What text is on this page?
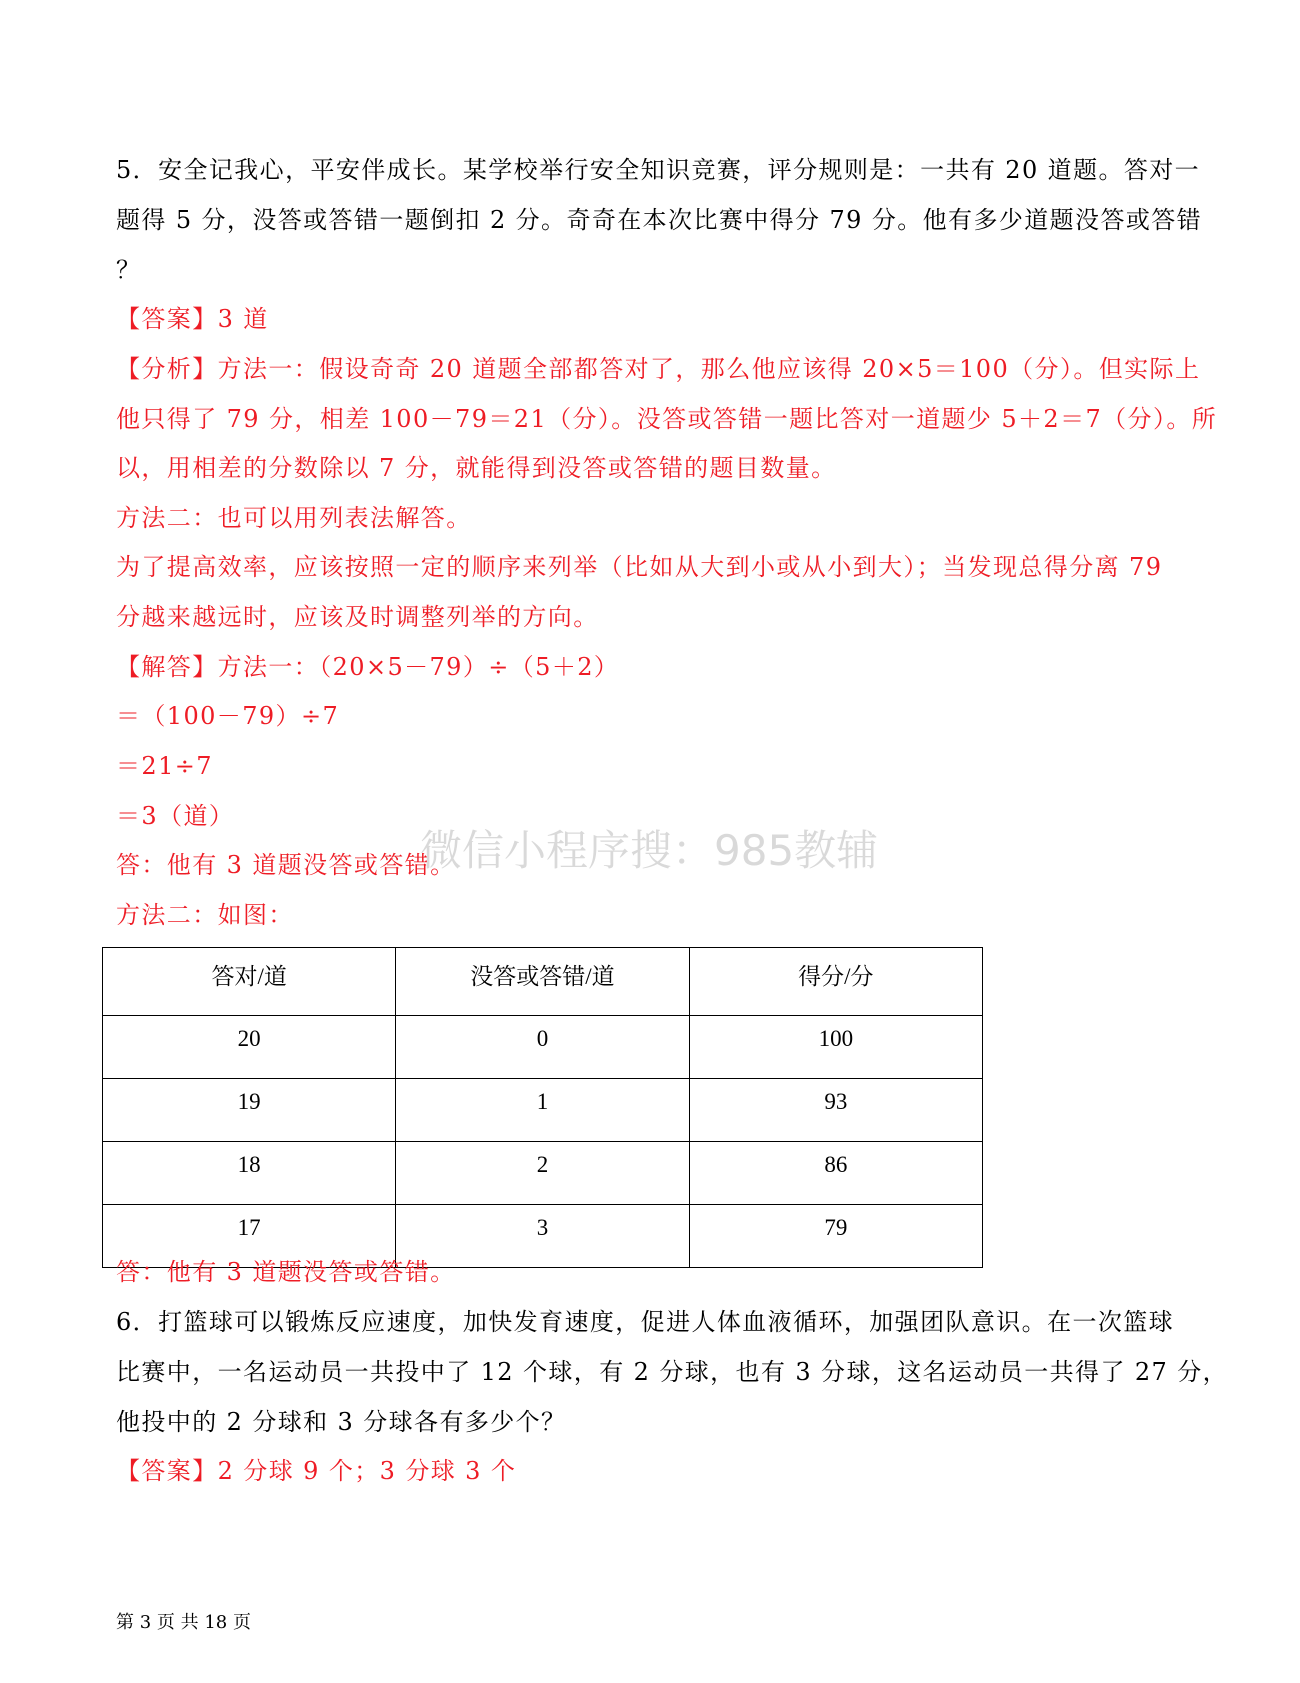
5．安全记我心，平安伴成长。某学校举行安全知识竞赛，评分规则是：一共有 20 道题。答对一
题得 5 分，没答或答错一题倒扣 2 分。奇奇在本次比赛中得分 79 分。他有多少道题没答或答错
？
【答案】3 道
【分析】方法一：假设奇奇 20 道题全部都答对了，那么他应该得 20×5＝100（分）。但实际上
他只得了 79 分，相差 100－79＝21（分）。没答或答错一题比答对一道题少 5＋2＝7（分）。所
以，用相差的分数除以 7 分，就能得到没答或答错的题目数量。
方法二：也可以用列表法解答。
为了提高效率，应该按照一定的顺序来列举（比如从大到小或从小到大）；当发现总得分离 79
分越来越远时，应该及时调整列举的方向。
【解答】方法一：（20×5－79）÷（5＋2）
＝（100－79）÷7
＝21÷7
＝3（道）
答：他有 3 道题没答或答错。
方法二：如图：
微信小程序搜：985教辅
答对/道	没答或答错/道	得分/分
20	0	100
19	1	93
18	2	86
17	3	79
答：他有 3 道题没答或答错。
6．打篮球可以锻炼反应速度，加快发育速度，促进人体血液循环，加强团队意识。在一次篮球
比赛中，一名运动员一共投中了 12 个球，有 2 分球，也有 3 分球，这名运动员一共得了 27 分，
他投中的 2 分球和 3 分球各有多少个？
【答案】2 分球 9 个；3 分球 3 个
第 3 页 共 18 页
